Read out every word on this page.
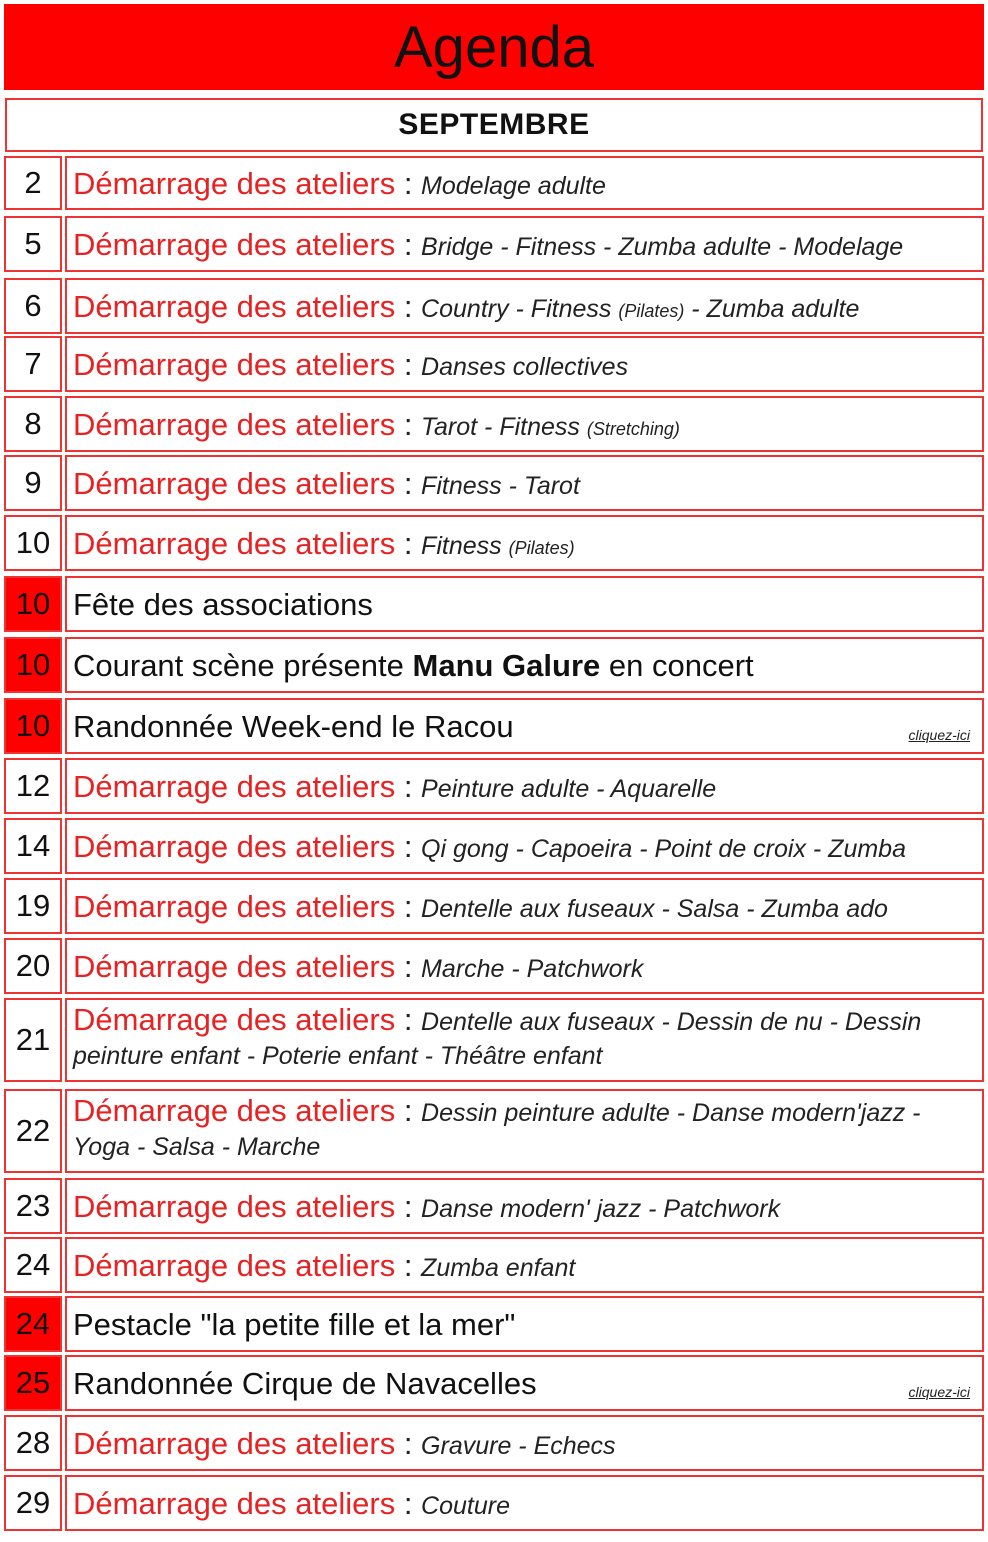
Agenda
SEPTEMBRE
2	Démarrage des ateliers : Modelage adulte
5	Démarrage des ateliers : Bridge - Fitness - Zumba adulte - Modelage
6	Démarrage des ateliers : Country - Fitness (Pilates) - Zumba adulte
7	Démarrage des ateliers : Danses collectives
8	Démarrage des ateliers : Tarot - Fitness (Stretching)
9	Démarrage des ateliers : Fitness - Tarot
10 Démarrage des ateliers : Fitness (Pilates)
10 Fête des associations
10 Courant scène présente Manu Galure en concert
10 Randonnée Week-end le Racou	cliquez-ici
12 Démarrage des ateliers : Peinture adulte - Aquarelle
14 Démarrage des ateliers : Qi gong - Capoeira - Point de croix - Zumba
19 Démarrage des ateliers : Dentelle aux fuseaux - Salsa - Zumba ado
20 Démarrage des ateliers : Marche - Patchwork
21
Démarrage des ateliers : Dentelle aux fuseaux - Dessin de nu - Dessin peinture enfant - Poterie enfant - Théâtre enfant
22
Démarrage des ateliers : Dessin peinture adulte - Danse modern'jazz - Yoga - Salsa - Marche
23 Démarrage des ateliers : Danse modern' jazz - Patchwork
24 Démarrage des ateliers : Zumba enfant
24 Pestacle "la petite fille et la mer"
25 Randonnée Cirque de Navacelles	cliquez-ici
28 Démarrage des ateliers : Gravure - Echecs
29 Démarrage des ateliers : Couture
